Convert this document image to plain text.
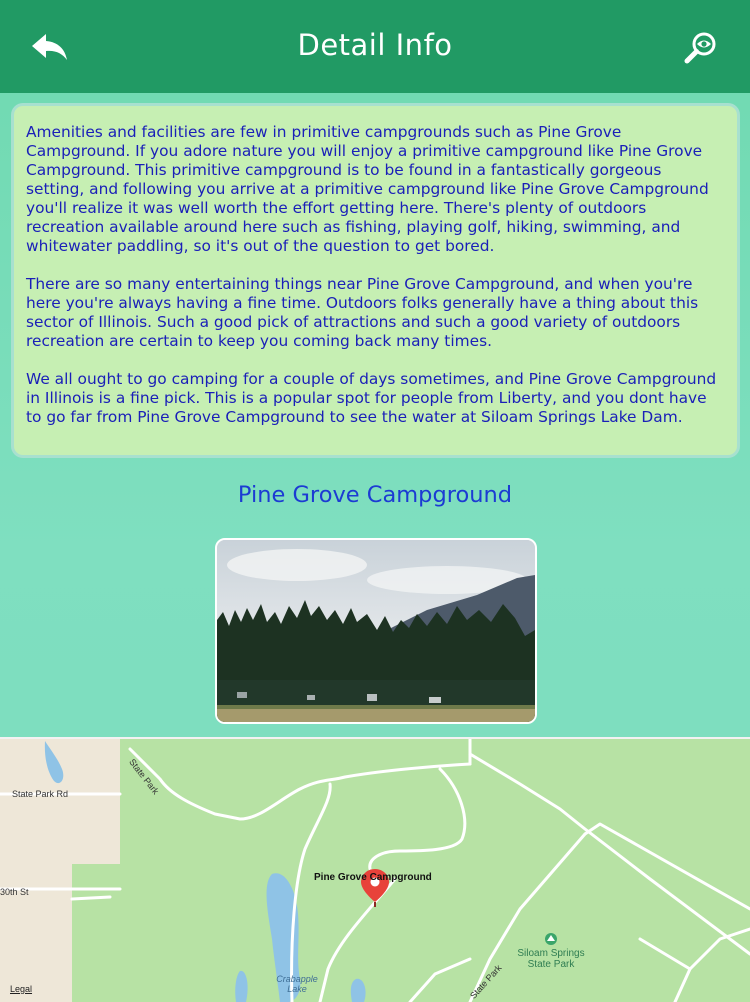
Detail Info

Amenities and facilities are few in primitive campgrounds such as Pine Grove Campground. If you adore nature you will enjoy a primitive campground like Pine Grove Campground. This primitive campground is to be found in a fantastically gorgeous setting, and following you arrive at a primitive campground like Pine Grove Campground you'll realize it was well worth the effort getting here. There's plenty of outdoors recreation available around here such as fishing, playing golf, hiking, swimming, and whitewater paddling, so it's out of the question to get bored.

There are so many entertaining things near Pine Grove Campground, and when you're here you're always having a fine time. Outdoors folks generally have a thing about this sector of Illinois. Such a good pick of attractions and such a good variety of outdoors recreation are certain to keep you coming back many times.

We all ought to go camping for a couple of days sometimes, and Pine Grove Campground in Illinois is a fine pick. This is a popular spot for people from Liberty, and you dont have to go far from Pine Grove Campground to see the water at Siloam Springs Lake Dam.

Pine Grove Campground
State Park Rd	State Park
30th St
State Park
Pine Grove Campground
Siloam Springs
State Park
Crabapple
Lake
Legal
